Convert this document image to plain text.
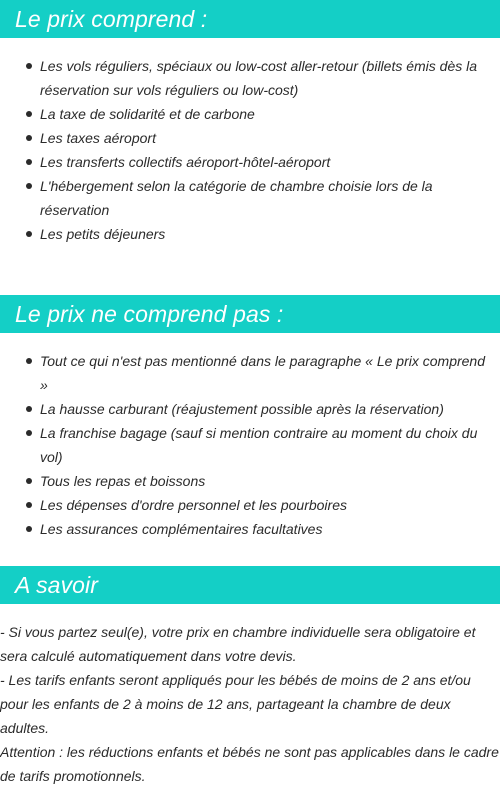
Le prix comprend :
Les vols réguliers, spéciaux ou low-cost aller-retour (billets émis dès la réservation sur vols réguliers ou low-cost)
La taxe de solidarité et de carbone
Les taxes aéroport
Les transferts collectifs aéroport-hôtel-aéroport
L'hébergement selon la catégorie de chambre choisie lors de la réservation
Les petits déjeuners
Le prix ne comprend pas :
Tout ce qui n'est pas mentionné dans le paragraphe « Le prix comprend »
La hausse carburant (réajustement possible après la réservation)
La franchise bagage (sauf si mention contraire au moment du choix du vol)
Tous les repas et boissons
Les dépenses d'ordre personnel et les pourboires
Les assurances complémentaires facultatives
A savoir

- Si vous partez seul(e), votre prix en chambre individuelle sera obligatoire et sera calculé automatiquement dans votre devis.

- Les tarifs enfants seront appliqués pour les bébés de moins de 2 ans et/ou pour les enfants de 2 à moins de 12 ans, partageant la chambre de deux adultes.

Attention : les réductions enfants et bébés ne sont pas applicables dans le cadre de tarifs promotionnels.
